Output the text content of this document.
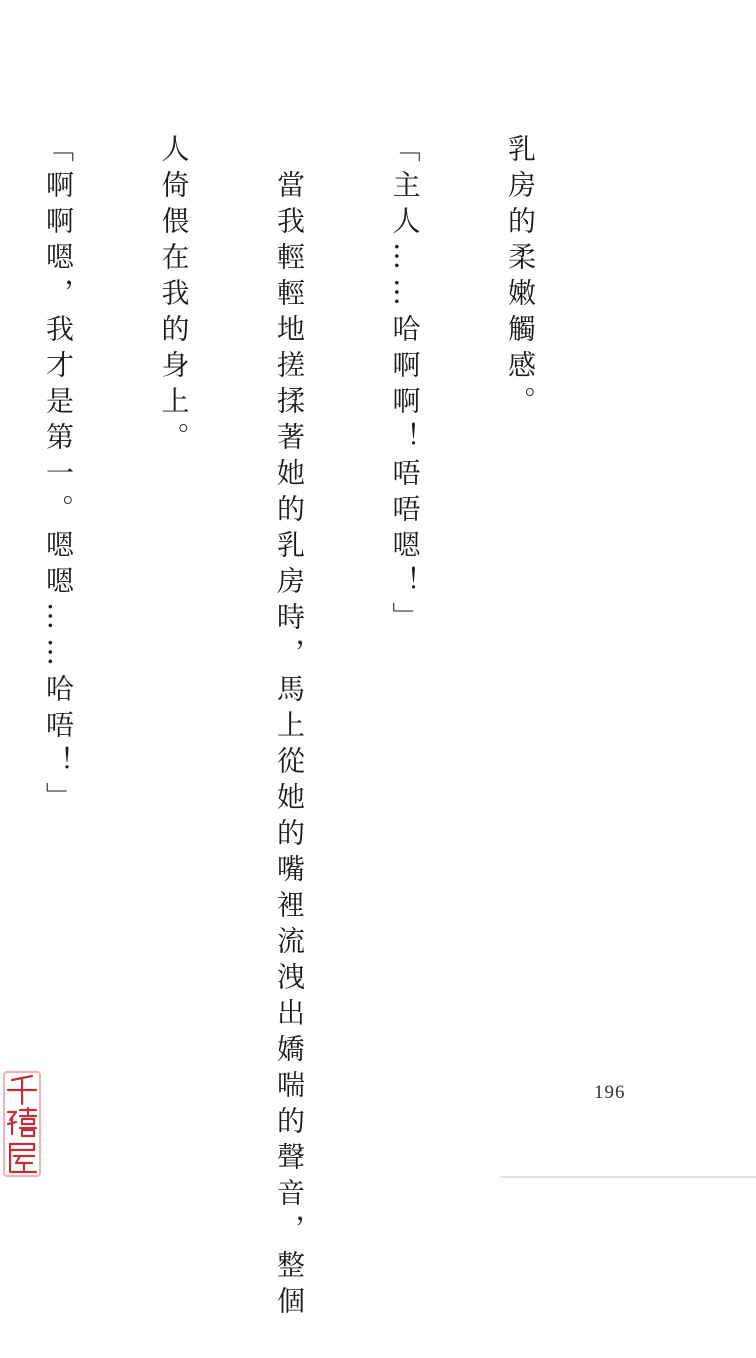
乳房的柔嫩觸感。

「主人……哈啊啊！唔唔嗯！」

　當我輕輕地搓揉著她的乳房時，馬上從她的嘴裡流洩出嬌喘的聲音，整個

人倚偎在我的身上。

「啊啊嗯，我才是第一。嗯嗯……哈唔！」

196
